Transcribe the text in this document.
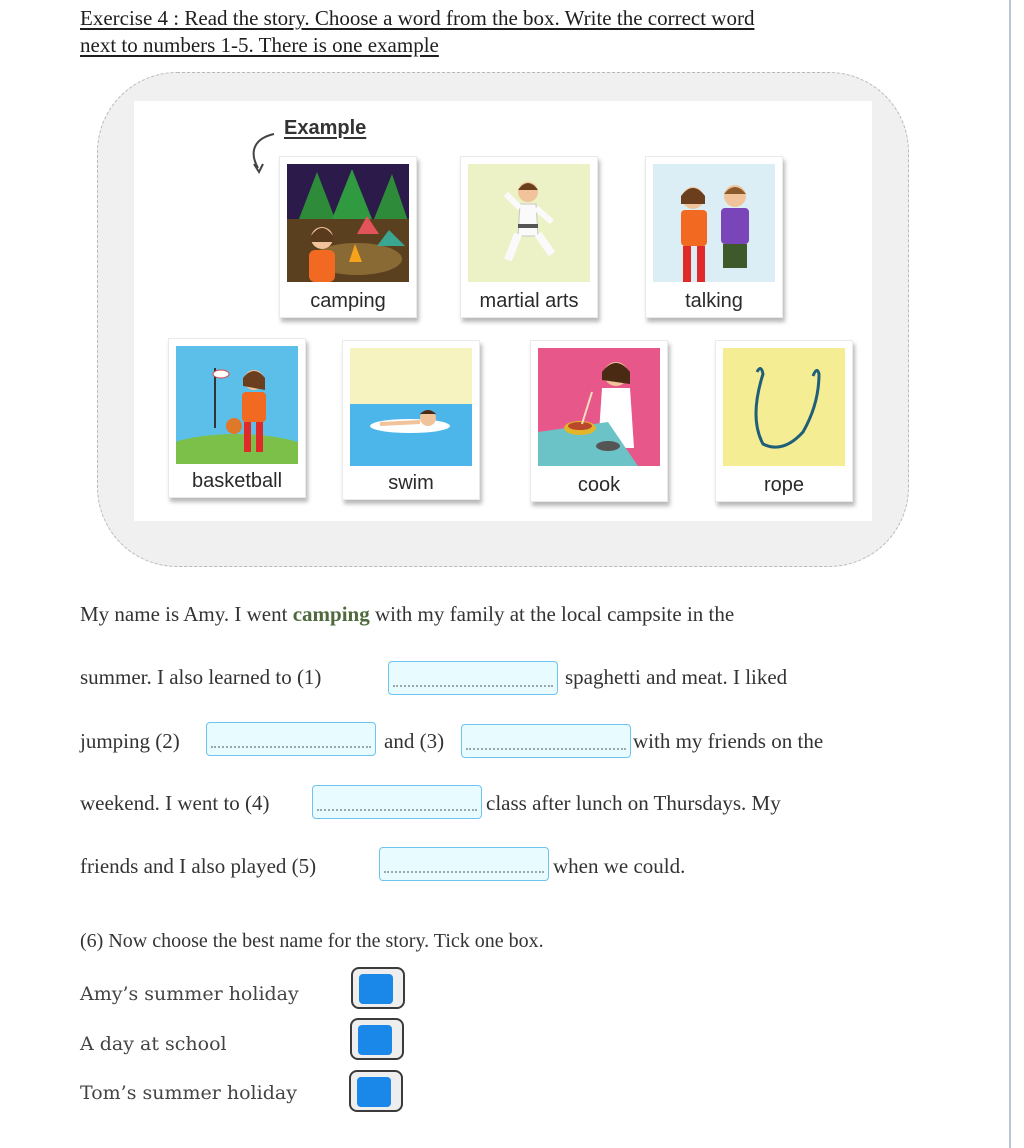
Exercise 4 : Read the story. Choose a word from the box. Write the correct word
next to numbers 1-5. There is one example
Example
camping	martial arts	talking
basketball	swim	cook	rope
My name is Amy. I went camping with my family at the local campsite in the
summer. I also learned to (1)	spaghetti and meat. I liked
jumping (2)	and (3)	with my friends on the
weekend. I went to (4)	class after lunch on Thursdays. My
friends and I also played (5)	when we could.
(6) Now choose the best name for the story. Tick one box.
Amy’s summer holiday
A day at school
Tom’s summer holiday
